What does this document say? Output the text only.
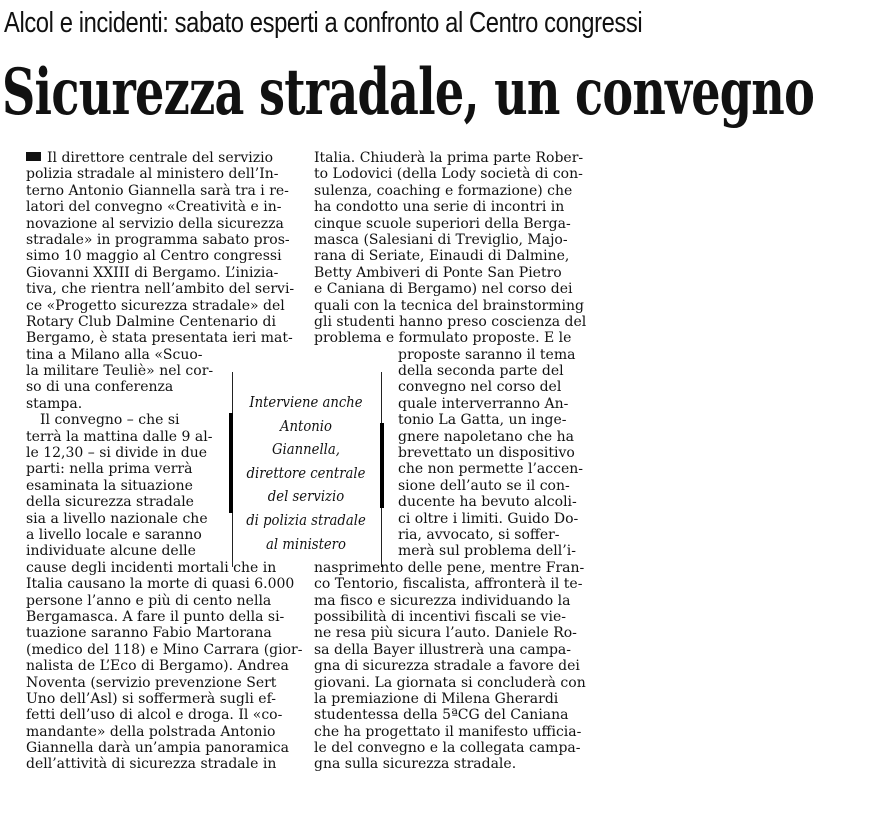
Alcol e incidenti: sabato esperti a confronto al Centro congressi
Sicurezza stradale, un convegno
Il direttore centrale del servizio
polizia stradale al ministero dell’In-
terno Antonio Giannella sarà tra i re-
latori del convegno «Creatività e in-
novazione al servizio della sicurezza
stradale» in programma sabato pros-
simo 10 maggio al Centro congressi
Giovanni XXIII di Bergamo. L’inizia-
tiva, che rientra nell’ambito del servi-
ce «Progetto sicurezza stradale» del
Rotary Club Dalmine Centenario di
Bergamo, è stata presentata ieri mat-
tina a Milano alla «Scuo-
la militare Teuliè» nel cor-
so di una conferenza
stampa.
Il convegno – che si
terrà la mattina dalle 9 al-
le 12,30 – si divide in due
parti: nella prima verrà
esaminata la situazione
della sicurezza stradale
sia a livello nazionale che
a livello locale e saranno
individuate alcune delle
cause degli incidenti mortali che in
Italia causano la morte di quasi 6.000
persone l’anno e più di cento nella
Bergamasca. A fare il punto della si-
tuazione saranno Fabio Martorana
(medico del 118) e Mino Carrara (gior-
nalista de L’Eco di Bergamo). Andrea
Noventa (servizio prevenzione Sert
Uno dell’Asl) si soffermerà sugli ef-
fetti dell’uso di alcol e droga. Il «co-
mandante» della polstrada Antonio
Giannella darà un’ampia panoramica
dell’attività di sicurezza stradale in
Italia. Chiuderà la prima parte Rober-
to Lodovici (della Lody società di con-
sulenza, coaching e formazione) che
ha condotto una serie di incontri in
cinque scuole superiori della Berga-
masca (Salesiani di Treviglio, Majo-
rana di Seriate, Einaudi di Dalmine,
Betty Ambiveri di Ponte San Pietro
e Caniana di Bergamo) nel corso dei
quali con la tecnica del brainstorming
gli studenti hanno preso coscienza del
problema e formulato proposte. E le
proposte saranno il tema
della seconda parte del
convegno nel corso del
quale interverranno An-
tonio La Gatta, un inge-
gnere napoletano che ha
brevettato un dispositivo
che non permette l’accen-
sione dell’auto se il con-
ducente ha bevuto alcoli-
ci oltre i limiti. Guido Do-
ria, avvocato, si soffer-
merà sul problema dell’i-
nasprimento delle pene, mentre Fran-
co Tentorio, fiscalista, affronterà il te-
ma fisco e sicurezza individuando la
possibilità di incentivi fiscali se vie-
ne resa più sicura l’auto. Daniele Ro-
sa della Bayer illustrerà una campa-
gna di sicurezza stradale a favore dei
giovani. La giornata si concluderà con
la premiazione di Milena Gherardi
studentessa della 5ªCG del Caniana
che ha progettato il manifesto ufficia-
le del convegno e la collegata campa-
gna sulla sicurezza stradale.
Interviene anche
Antonio
Giannella,
direttore centrale
del servizio
di polizia stradale
al ministero
